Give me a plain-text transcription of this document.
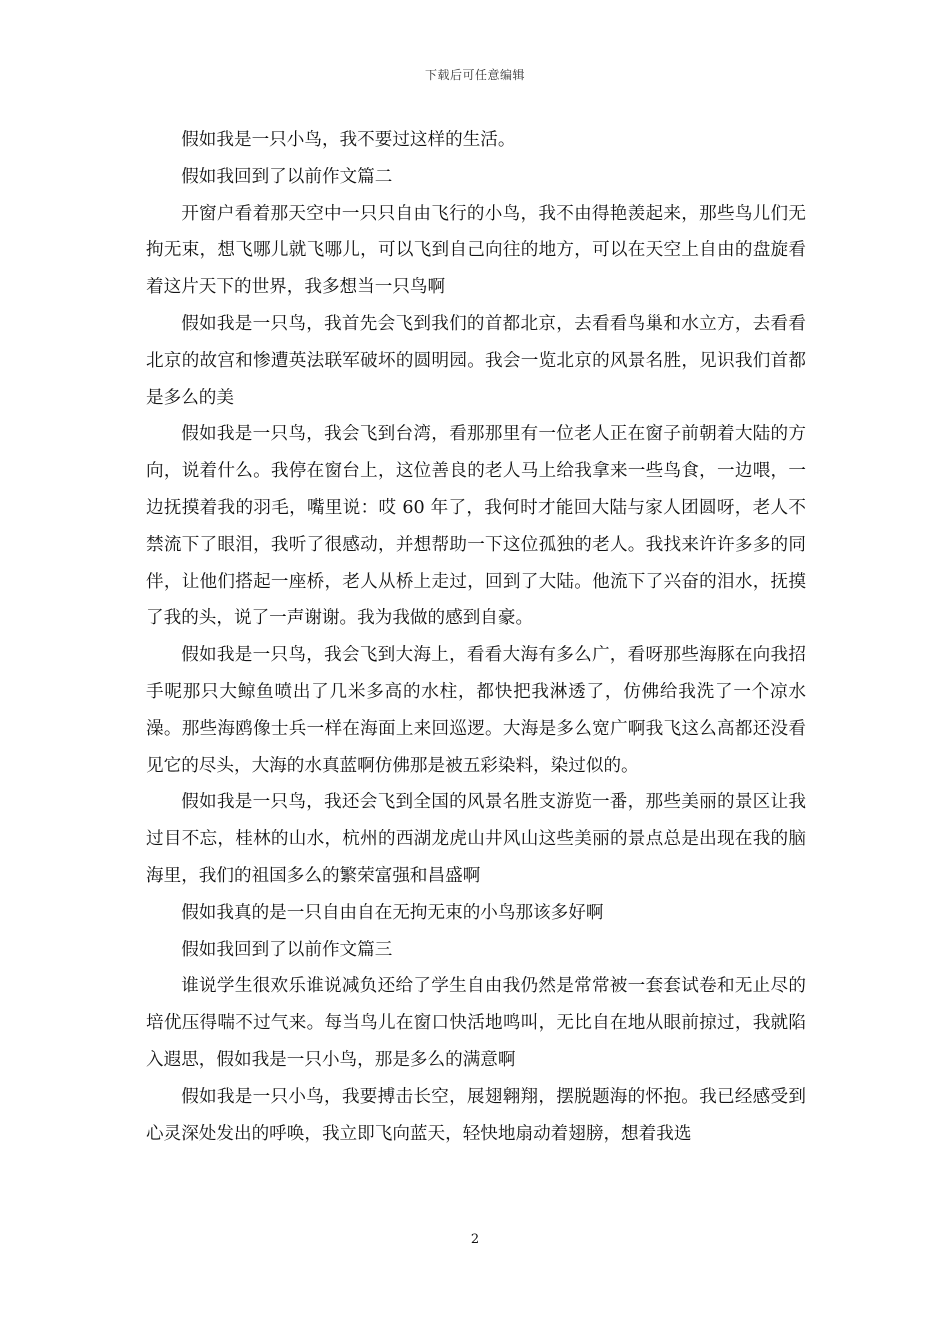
下载后可任意编辑

假如我是一只小鸟，我不要过这样的生活。

假如我回到了以前作文篇二

开窗户看着那天空中一只只自由飞行的小鸟，我不由得艳羡起来，那些鸟儿们无拘无束，想飞哪儿就飞哪儿，可以飞到自己向往的地方，可以在天空上自由的盘旋看着这片天下的世界，我多想当一只鸟啊

假如我是一只鸟，我首先会飞到我们的首都北京，去看看鸟巢和水立方，去看看北京的故宫和惨遭英法联军破坏的圆明园。我会一览北京的风景名胜，见识我们首都是多么的美

假如我是一只鸟，我会飞到台湾，看那那里有一位老人正在窗子前朝着大陆的方向，说着什么。我停在窗台上，这位善良的老人马上给我拿来一些鸟食，一边喂，一边抚摸着我的羽毛，嘴里说：哎 60 年了，我何时才能回大陆与家人团圆呀，老人不禁流下了眼泪，我听了很感动，并想帮助一下这位孤独的老人。我找来许许多多的同伴，让他们搭起一座桥，老人从桥上走过，回到了大陆。他流下了兴奋的泪水，抚摸了我的头，说了一声谢谢。我为我做的感到自豪。

假如我是一只鸟，我会飞到大海上，看看大海有多么广，看呀那些海豚在向我招手呢那只大鲸鱼喷出了几米多高的水柱，都快把我淋透了，仿佛给我洗了一个凉水澡。那些海鸥像士兵一样在海面上来回巡逻。大海是多么宽广啊我飞这么高都还没看见它的尽头，大海的水真蓝啊仿佛那是被五彩染料，染过似的。

假如我是一只鸟，我还会飞到全国的风景名胜支游览一番，那些美丽的景区让我过目不忘，桂林的山水，杭州的西湖龙虎山井风山这些美丽的景点总是出现在我的脑海里，我们的祖国多么的繁荣富强和昌盛啊

假如我真的是一只自由自在无拘无束的小鸟那该多好啊

假如我回到了以前作文篇三

谁说学生很欢乐谁说减负还给了学生自由我仍然是常常被一套套试卷和无止尽的培优压得喘不过气来。每当鸟儿在窗口快活地鸣叫，无比自在地从眼前掠过，我就陷入遐思，假如我是一只小鸟，那是多么的满意啊

假如我是一只小鸟，我要搏击长空，展翅翱翔，摆脱题海的怀抱。我已经感受到心灵深处发出的呼唤，我立即飞向蓝天，轻快地扇动着翅膀，想着我选

2
